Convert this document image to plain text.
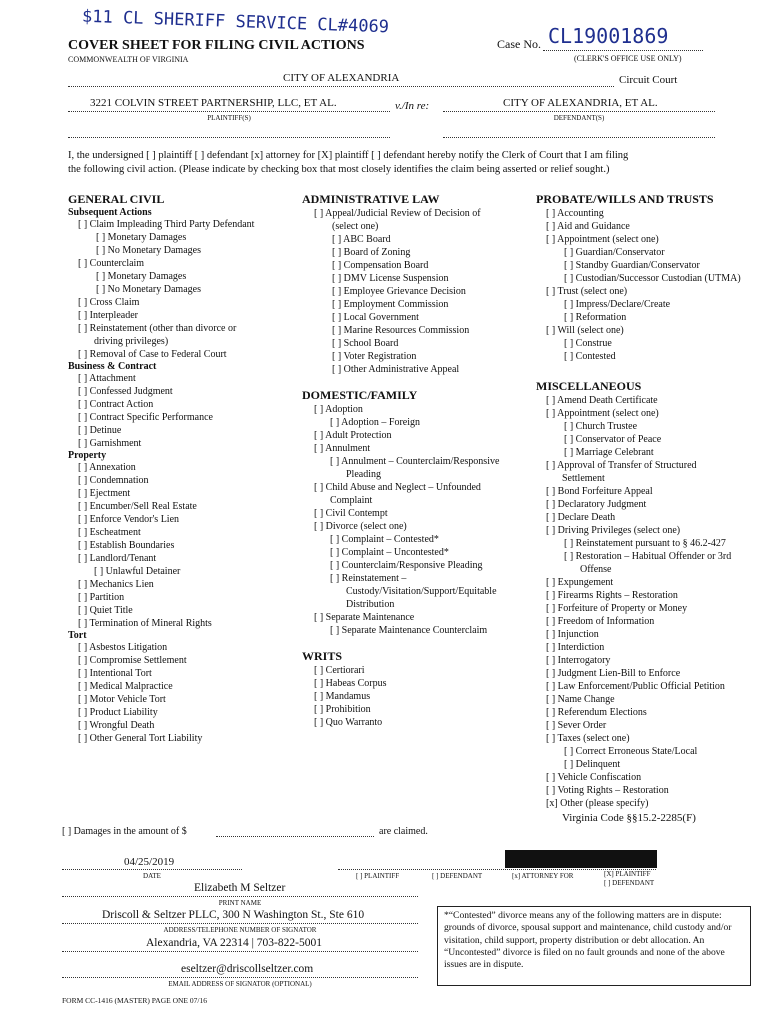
$11 CL SHERIFF SERVICE CL#4069	CL19001869
COVER SHEET FOR FILING CIVIL ACTIONS
COMMONWEALTH OF VIRGINIA
Case No.
(CLERK'S OFFICE USE ONLY)
CITY OF ALEXANDRIA	Circuit Court
3221 COLVIN STREET PARTNERSHIP, LLC, ET AL.	v./In re:	CITY OF ALEXANDRIA, ET AL.
PLAINTIFF(S)	DEFENDANT(S)
I, the undersigned [ ] plaintiff [ ] defendant [x] attorney for [X] plaintiff [ ] defendant hereby notify the Clerk of Court that I am filing
the following civil action. (Please indicate by checking box that most closely identifies the claim being asserted or relief sought.)
GENERAL CIVIL
Subsequent Actions
[ ] Claim Impleading Third Party Defendant
[ ] Monetary Damages
[ ] No Monetary Damages
[ ] Counterclaim
[ ] Monetary Damages
[ ] No Monetary Damages
[ ] Cross Claim
[ ] Interpleader
[ ] Reinstatement (other than divorce or
driving privileges)
[ ] Removal of Case to Federal Court
Business & Contract
[ ] Attachment
[ ] Confessed Judgment
[ ] Contract Action
[ ] Contract Specific Performance
[ ] Detinue
[ ] Garnishment
Property
[ ] Annexation
[ ] Condemnation
[ ] Ejectment
[ ] Encumber/Sell Real Estate
[ ] Enforce Vendor's Lien
[ ] Escheatment
[ ] Establish Boundaries
[ ] Landlord/Tenant
[ ] Unlawful Detainer
[ ] Mechanics Lien
[ ] Partition
[ ] Quiet Title
[ ] Termination of Mineral Rights
Tort
[ ] Asbestos Litigation
[ ] Compromise Settlement
[ ] Intentional Tort
[ ] Medical Malpractice
[ ] Motor Vehicle Tort
[ ] Product Liability
[ ] Wrongful Death
[ ] Other General Tort Liability
ADMINISTRATIVE LAW
[ ] Appeal/Judicial Review of Decision of
(select one)
[ ] ABC Board
[ ] Board of Zoning
[ ] Compensation Board
[ ] DMV License Suspension
[ ] Employee Grievance Decision
[ ] Employment Commission
[ ] Local Government
[ ] Marine Resources Commission
[ ] School Board
[ ] Voter Registration
[ ] Other Administrative Appeal
DOMESTIC/FAMILY
[ ] Adoption
[ ] Adoption – Foreign
[ ] Adult Protection
[ ] Annulment
[ ] Annulment – Counterclaim/Responsive
Pleading
[ ] Child Abuse and Neglect – Unfounded
Complaint
[ ] Civil Contempt
[ ] Divorce (select one)
[ ] Complaint – Contested*
[ ] Complaint – Uncontested*
[ ] Counterclaim/Responsive Pleading
[ ] Reinstatement –
Custody/Visitation/Support/Equitable
Distribution
[ ] Separate Maintenance
[ ] Separate Maintenance Counterclaim
WRITS
[ ] Certiorari
[ ] Habeas Corpus
[ ] Mandamus
[ ] Prohibition
[ ] Quo Warranto
PROBATE/WILLS AND TRUSTS
[ ] Accounting
[ ] Aid and Guidance
[ ] Appointment (select one)
[ ] Guardian/Conservator
[ ] Standby Guardian/Conservator
[ ] Custodian/Successor Custodian (UTMA)
[ ] Trust (select one)
[ ] Impress/Declare/Create
[ ] Reformation
[ ] Will (select one)
[ ] Construe
[ ] Contested
MISCELLANEOUS
[ ] Amend Death Certificate
[ ] Appointment (select one)
[ ] Church Trustee
[ ] Conservator of Peace
[ ] Marriage Celebrant
[ ] Approval of Transfer of Structured
Settlement
[ ] Bond Forfeiture Appeal
[ ] Declaratory Judgment
[ ] Declare Death
[ ] Driving Privileges (select one)
[ ] Reinstatement pursuant to § 46.2-427
[ ] Restoration – Habitual Offender or 3rd
Offense
[ ] Expungement
[ ] Firearms Rights – Restoration
[ ] Forfeiture of Property or Money
[ ] Freedom of Information
[ ] Injunction
[ ] Interdiction
[ ] Interrogatory
[ ] Judgment Lien-Bill to Enforce
[ ] Law Enforcement/Public Official Petition
[ ] Name Change
[ ] Referendum Elections
[ ] Sever Order
[ ] Taxes (select one)
[ ] Correct Erroneous State/Local
[ ] Delinquent
[ ] Vehicle Confiscation
[ ] Voting Rights – Restoration
[x] Other (please specify)
Virginia Code §§15.2-2285(F)
[ ] Damages in the amount of $	are claimed.
04/25/2019
DATE	[ ] PLAINTIFF	[ ] DEFENDANT	[x] ATTORNEY FOR	[X] PLAINTIFF
[ ] DEFENDANT
Elizabeth M Seltzer
PRINT NAME
Driscoll & Seltzer PLLC, 300 N Washington St., Ste 610
ADDRESS/TELEPHONE NUMBER OF SIGNATOR
Alexandria, VA 22314 | 703-822-5001
eseltzer@driscollseltzer.com
EMAIL ADDRESS OF SIGNATOR (OPTIONAL)
FORM CC-1416 (MASTER) PAGE ONE 07/16
*“Contested” divorce means any of the following matters are in dispute: grounds of divorce, spousal support and maintenance, child custody and/or visitation, child support, property distribution or debt allocation. An “Uncontested” divorce is filed on no fault grounds and none of the above issues are in dispute.
